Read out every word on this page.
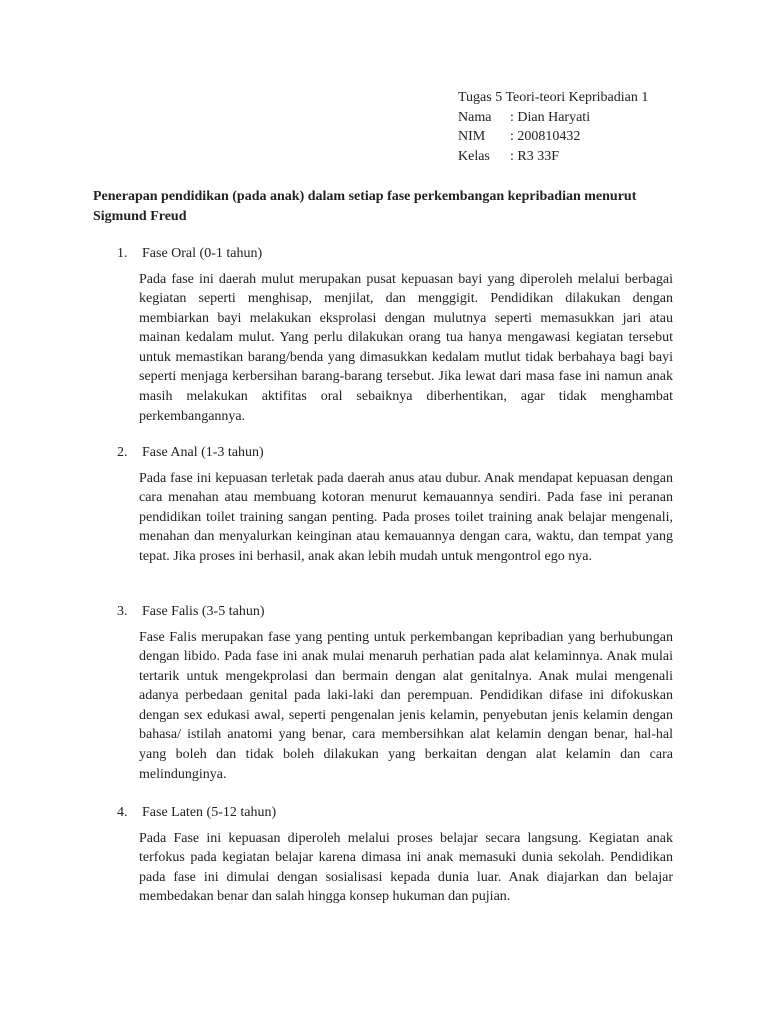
Tugas 5 Teori-teori Kepribadian 1
Nama	: Dian Haryati
NIM	: 200810432
Kelas	: R3 33F
Penerapan pendidikan (pada anak) dalam setiap fase perkembangan kepribadian menurut Sigmund Freud
1.	Fase Oral (0-1 tahun)
Pada fase ini daerah mulut merupakan pusat kepuasan bayi yang diperoleh melalui berbagai kegiatan seperti menghisap, menjilat, dan menggigit. Pendidikan dilakukan dengan membiarkan bayi melakukan eksprolasi dengan mulutnya seperti memasukkan jari atau mainan kedalam mulut. Yang perlu dilakukan orang tua hanya mengawasi kegiatan tersebut untuk memastikan barang/benda yang dimasukkan kedalam mutlut tidak berbahaya bagi bayi seperti menjaga kerbersihan barang-barang tersebut. Jika lewat dari masa fase ini namun anak masih melakukan aktifitas oral sebaiknya diberhentikan, agar tidak menghambat perkembangannya.
2.	Fase Anal (1-3 tahun)
Pada fase ini kepuasan terletak pada daerah anus atau dubur. Anak mendapat kepuasan dengan cara menahan atau membuang kotoran menurut kemauannya sendiri. Pada fase ini peranan pendidikan toilet training sangan penting. Pada proses toilet training anak belajar mengenali, menahan dan menyalurkan keinginan atau kemauannya dengan cara, waktu, dan tempat yang tepat. Jika proses ini berhasil, anak akan lebih mudah untuk mengontrol ego nya.
3.	Fase Falis (3-5 tahun)
Fase Falis merupakan fase yang penting untuk perkembangan kepribadian yang berhubungan dengan libido. Pada fase ini anak mulai menaruh perhatian pada alat kelaminnya. Anak mulai tertarik untuk mengekprolasi dan bermain dengan alat genitalnya. Anak mulai mengenali adanya perbedaan genital pada laki-laki dan perempuan. Pendidikan difase ini difokuskan dengan sex edukasi awal, seperti pengenalan jenis kelamin, penyebutan jenis kelamin dengan bahasa/ istilah anatomi yang benar, cara membersihkan alat kelamin dengan benar, hal-hal yang boleh dan tidak boleh dilakukan yang berkaitan dengan alat kelamin dan cara melindunginya.
4.	Fase Laten (5-12 tahun)
Pada Fase ini kepuasan diperoleh melalui proses belajar secara langsung. Kegiatan anak terfokus pada kegiatan belajar karena dimasa ini anak memasuki dunia sekolah. Pendidikan pada fase ini dimulai dengan sosialisasi kepada dunia luar. Anak diajarkan dan belajar membedakan benar dan salah hingga konsep hukuman dan pujian.
